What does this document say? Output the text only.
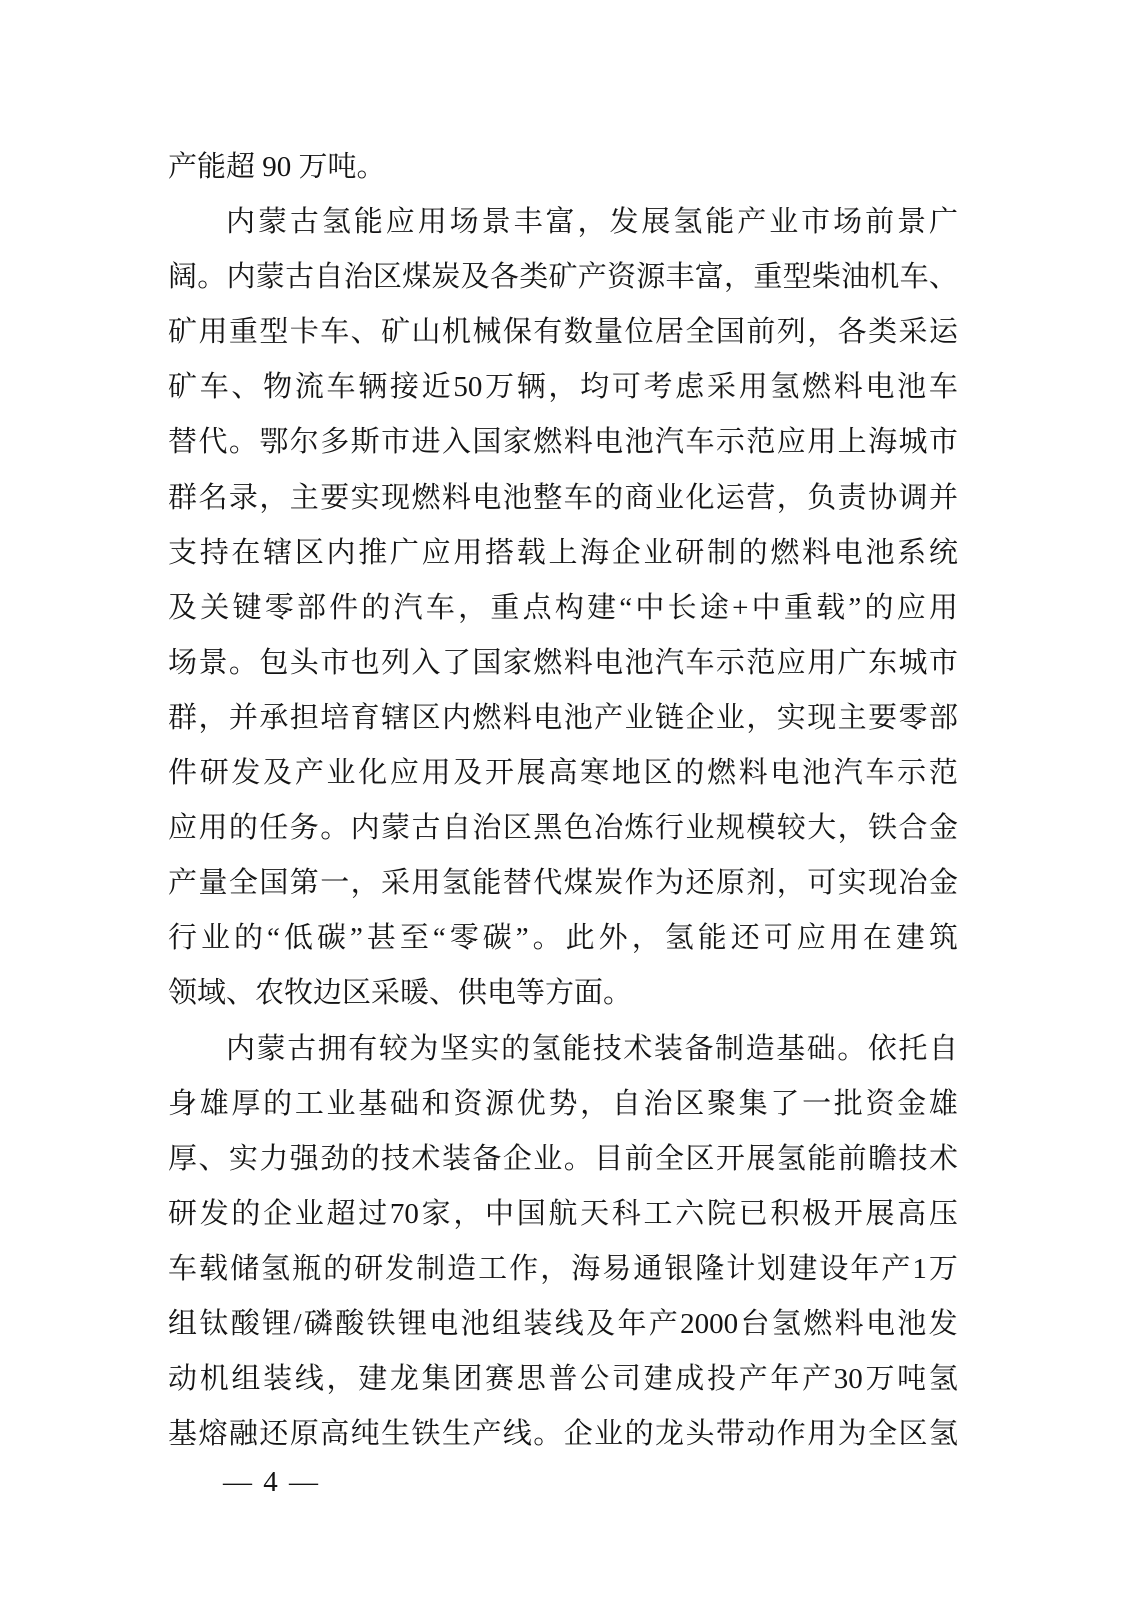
产能超 90 万吨。
内 蒙 古 氢 能 应 用 场 景 丰 富 ， 发 展 氢 能 产 业 市 场 前 景 广
阔 。 内 蒙 古 自 治 区 煤 炭 及 各 类 矿 产 资 源 丰 富 ， 重 型 柴 油 机 车 、
矿 用 重 型 卡 车 、 矿 山 机 械 保 有 数 量 位 居 全 国 前 列 ， 各 类 采 运
矿 车 、 物 流 车 辆 接 近 50 万 辆 ， 均 可 考 虑 采 用 氢 燃 料 电 池 车
替 代 。 鄂 尔 多 斯 市 进 入 国 家 燃 料 电 池 汽 车 示 范 应 用 上 海 城 市
群 名 录 ， 主 要 实 现 燃 料 电 池 整 车 的 商 业 化 运 营 ， 负 责 协 调 并
支 持 在 辖 区 内 推 广 应 用 搭 载 上 海 企 业 研 制 的 燃 料 电 池 系 统
及 关 键 零 部 件 的 汽 车 ， 重 点 构 建 “ 中 长 途 + 中 重 载 ” 的 应 用
场 景 。 包 头 市 也 列 入 了 国 家 燃 料 电 池 汽 车 示 范 应 用 广 东 城 市
群 ， 并 承 担 培 育 辖 区 内 燃 料 电 池 产 业 链 企 业 ， 实 现 主 要 零 部
件 研 发 及 产 业 化 应 用 及 开 展 高 寒 地 区 的 燃 料 电 池 汽 车 示 范
应 用 的 任 务 。 内 蒙 古 自 治 区 黑 色 冶 炼 行 业 规 模 较 大 ， 铁 合 金
产 量 全 国 第 一 ， 采 用 氢 能 替 代 煤 炭 作 为 还 原 剂 ， 可 实 现 冶 金
行 业 的 “ 低 碳 ” 甚 至 “ 零 碳 ” 。 此 外 ， 氢 能 还 可 应 用 在 建 筑
领域、农牧边区采暖、供电等方面。
内 蒙 古 拥 有 较 为 坚 实 的 氢 能 技 术 装 备 制 造 基 础 。 依 托 自
身 雄 厚 的 工 业 基 础 和 资 源 优 势 ， 自 治 区 聚 集 了 一 批 资 金 雄
厚 、 实 力 强 劲 的 技 术 装 备 企 业 。 目 前 全 区 开 展 氢 能 前 瞻 技 术
研 发 的 企 业 超 过 70 家 ， 中 国 航 天 科 工 六 院 已 积 极 开 展 高 压
车 载 储 氢 瓶 的 研 发 制 造 工 作 ， 海 易 通 银 隆 计 划 建 设 年 产 1 万
组 钛 酸 锂 / 磷 酸 铁 锂 电 池 组 装 线 及 年 产 2000 台 氢 燃 料 电 池 发
动 机 组 装 线 ， 建 龙 集 团 赛 思 普 公 司 建 成 投 产 年 产 30 万 吨 氢
基 熔 融 还 原 高 纯 生 铁 生 产 线 。 企 业 的 龙 头 带 动 作 用 为 全 区 氢
— 4 —
